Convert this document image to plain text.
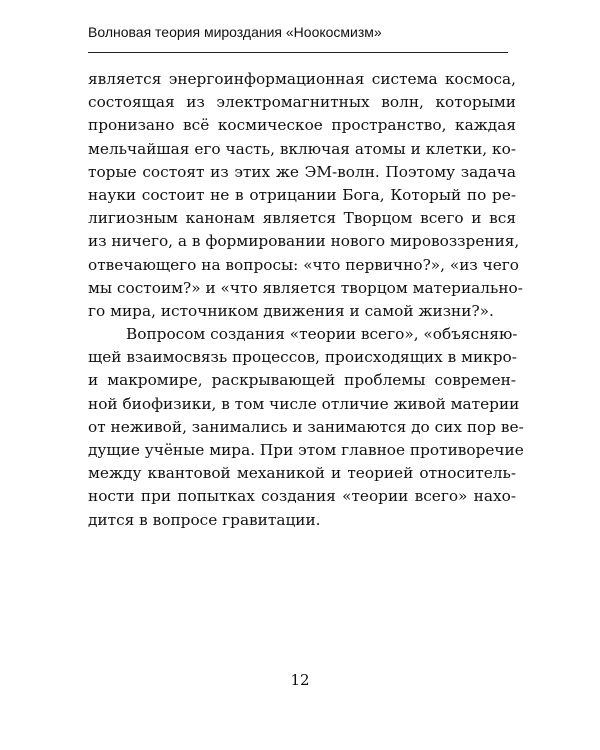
Волновая теория мироздания «Ноокосмизм»
является энергоинформационная система космоса,
состоящая из электромагнитных волн, которыми
пронизано всё космическое пространство, каждая
мельчайшая его часть, включая атомы и клетки, ко-
торые состоят из этих же ЭМ-волн. Поэтому задача
науки состоит не в отрицании Бога, Который по ре-
лигиозным канонам является Творцом всего и вся
из ничего, а в формировании нового мировоззрения,
отвечающего на вопросы: «что первично?», «из чего
мы состоим?» и «что является творцом материально-
го мира, источником движения и самой жизни?».
Вопросом создания «теории всего», «объясняю-
щей взаимосвязь процессов, происходящих в микро-
и макромире, раскрывающей проблемы современ-
ной биофизики, в том числе отличие живой материи
от неживой, занимались и занимаются до сих пор ве-
дущие учёные мира. При этом главное противоречие
между квантовой механикой и теорией относитель-
ности при попытках создания «теории всего» нахо-
дится в вопросе гравитации.
12
